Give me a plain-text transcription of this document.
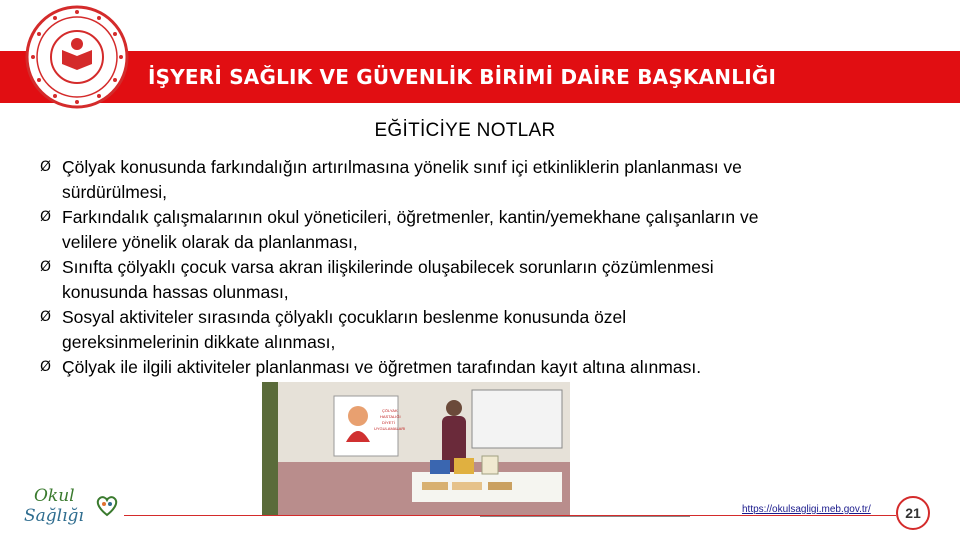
İŞYERİ SAĞLIK VE GÜVENLİK BİRİMİ DAİRE BAŞKANLIĞI
EĞİTİCİYE NOTLAR
Ø Çölyak konusunda farkındalığın artırılmasına yönelik sınıf içi etkinliklerin planlanması ve
sürdürülmesi,
Ø Farkındalık çalışmalarının okul yöneticileri, öğretmenler, kantin/yemekhane çalışanların ve
velilere yönelik olarak da planlanması,
Ø Sınıfta çölyaklı çocuk varsa akran ilişkilerinde oluşabilecek sorunların çözümlenmesi
konusunda hassas olunması,
Ø Sosyal aktiviteler sırasında çölyaklı çocukların beslenme konusunda özel
gereksinmelerinin dikkate alınması,
Ø Çölyak ile ilgili aktiviteler planlanması ve öğretmen tarafından kayıt altına alınması.
ÇÖLYAK
HASTALIĞI
DİYETİ
UYGULAMALARI
Okul
Sağlığı	https://okulsagligi.meb.gov.tr/	21
